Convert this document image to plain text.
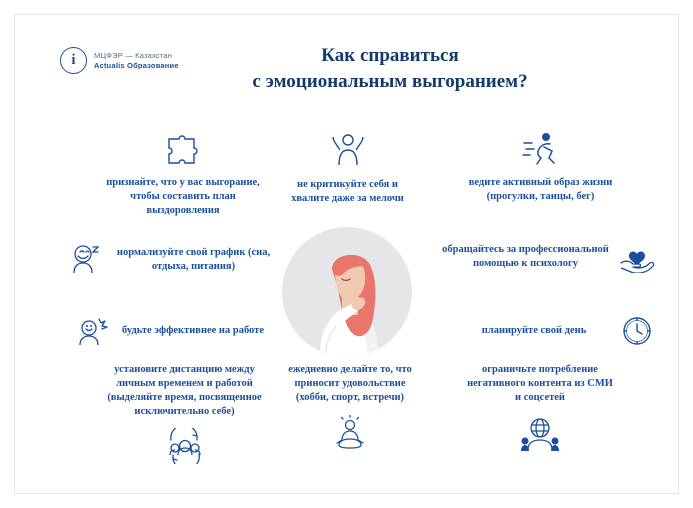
i	МЦФЭР — Казахстан
Actualis Образование	Как справиться
с эмоциональным выгоранием?
признайте, что у вас выгорание, чтобы составить план выздоровления
не критикуйте себя и хвалите даже за мелочи
ведите активный образ жизни (прогулки, танцы, бег)
нормализуйте свой график (сна, отдыха, питания)
обращайтесь за профессиональной помощью к психологу
будьте эффективнее на работе	планируйте свой день
установите дистанцию между личным временем и работой (выделяйте время, посвященное исключительно себе)
ежедневно делайте то, что приносит удовольствие (хобби, спорт, встречи)
ограничьте потребление негативного контента из СМИ и соцсетей
